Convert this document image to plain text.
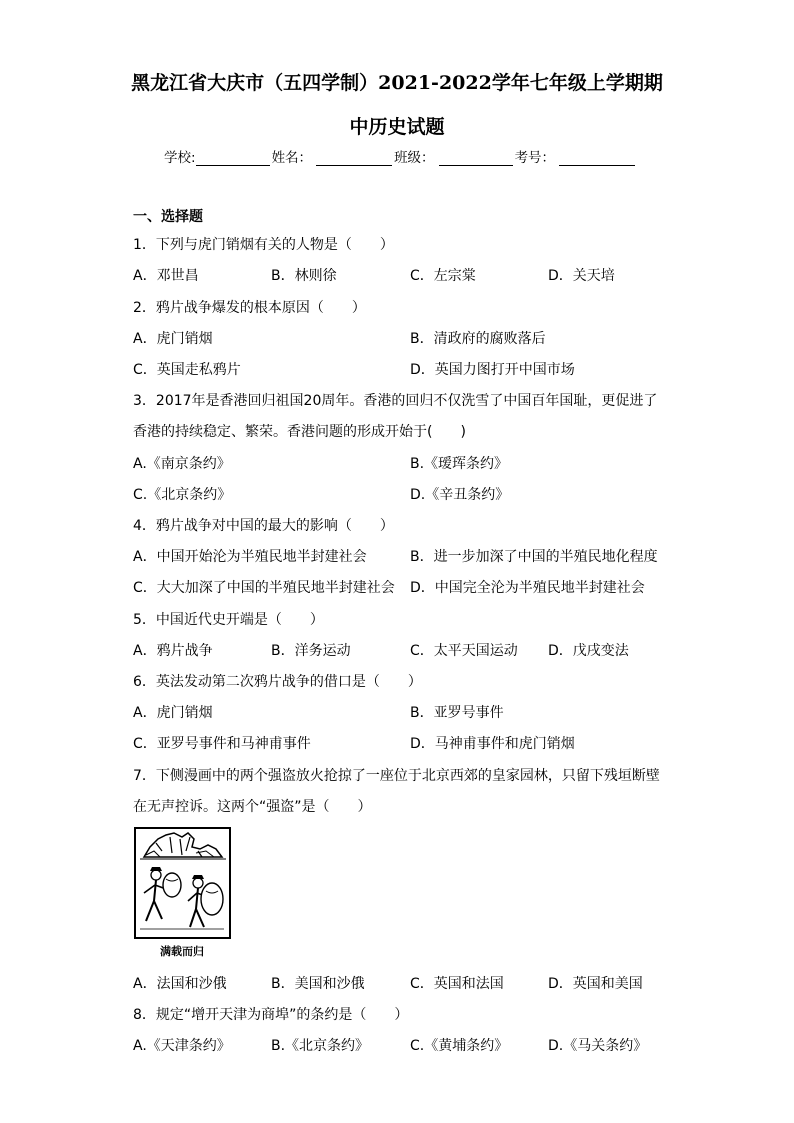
黑龙江省大庆市（五四学制）2021-2022学年七年级上学期期
中历史试题
学校:	姓名：	班级：	考号：
一、选择题
1．下列与虎门销烟有关的人物是（　　）
A．邓世昌	B．林则徐	C．左宗棠	D．关天培
2．鸦片战争爆发的根本原因（　　）
A．虎门销烟	B．清政府的腐败落后
C．英国走私鸦片	D．英国力图打开中国市场
3．2017年是香港回归祖国20周年。香港的回归不仅洗雪了中国百年国耻，更促进了
香港的持续稳定、繁荣。香港问题的形成开始于(　　)
A.《南京条约》	B.《瑷珲条约》
C.《北京条约》	D.《辛丑条约》
4．鸦片战争对中国的最大的影响（　　）
A．中国开始沦为半殖民地半封建社会	B．进一步加深了中国的半殖民地化程度
C．大大加深了中国的半殖民地半封建社会 D．中国完全沦为半殖民地半封建社会
5．中国近代史开端是（　　）
A．鸦片战争	B．洋务运动	C．太平天国运动 D．戊戌变法
6．英法发动第二次鸦片战争的借口是（　　）
A．虎门销烟	B．亚罗号事件
C．亚罗号事件和马神甫事件	D．马神甫事件和虎门销烟
7．下侧漫画中的两个强盗放火抢掠了一座位于北京西郊的皇家园林，只留下残垣断壁
在无声控诉。这两个“强盗”是（　　）
满载而归
A．法国和沙俄	B．美国和沙俄	C．英国和法国	D．英国和美国
8．规定“增开天津为商埠”的条约是（　　）
A.《天津条约》	B.《北京条约》	C.《黄埔条约》	D.《马关条约》
